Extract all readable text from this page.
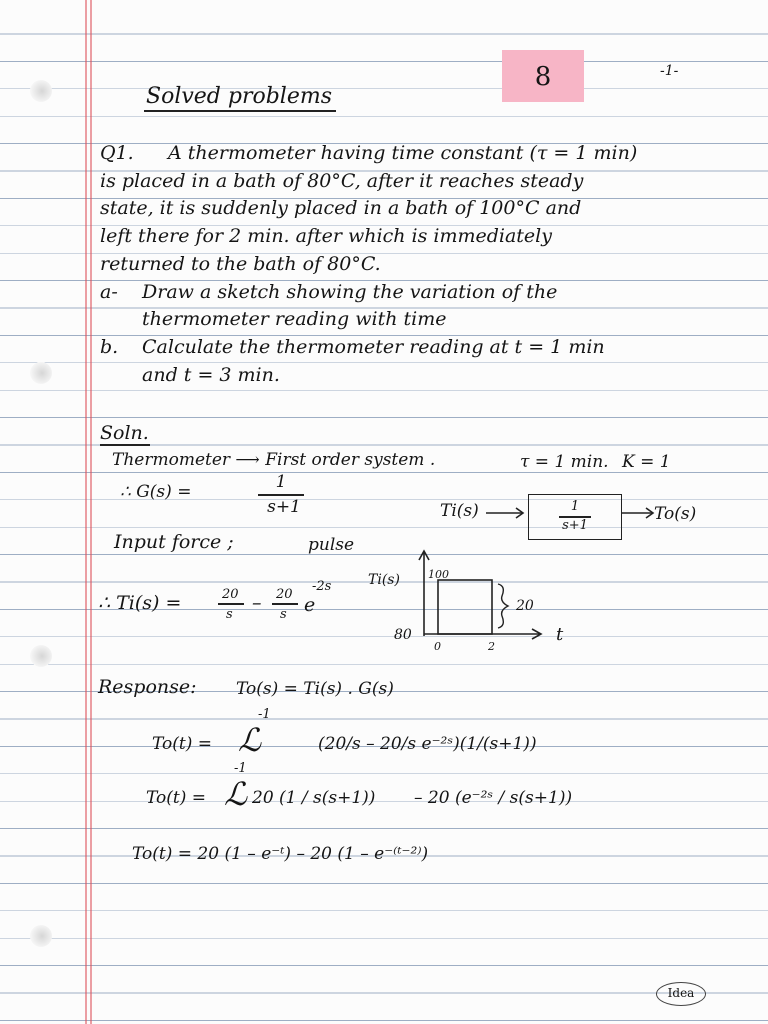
8	-1-
Solved problems
Q1. A thermometer having time constant (τ = 1 min)
is placed in a bath of 80°C, after it reaches steady
state, it is suddenly placed in a bath of 100°C and
left there for 2 min. after which is immediately
returned to the bath of 80°C.
a- Draw a sketch showing the variation of the
thermometer reading with time
b. Calculate the thermometer reading at t = 1 min
and t = 3 min.
Soln.
Thermometer ⟶ First order system .	τ = 1 min. K = 1
∴ G(s) =	1
s+1	Ti(s)	1
s+1
To(s)
Input force ;	pulse
∴ Ti(s) =	20
s
– 20
s e
-2s	Ti(s)	100
80
0	2
t
20
Response: To(s) = Ti(s) . G(s)
To(t) =
-1
ℒ	(20/s – 20/s e⁻²ˢ)(1/(s+1))
To(t) =
-1
ℒ 20 (1 / s(s+1)) – 20 (e⁻²ˢ / s(s+1))
To(t) = 20 (1 – e⁻ᵗ) – 20 (1 – e⁻⁽ᵗ⁻²⁾)
Idea
